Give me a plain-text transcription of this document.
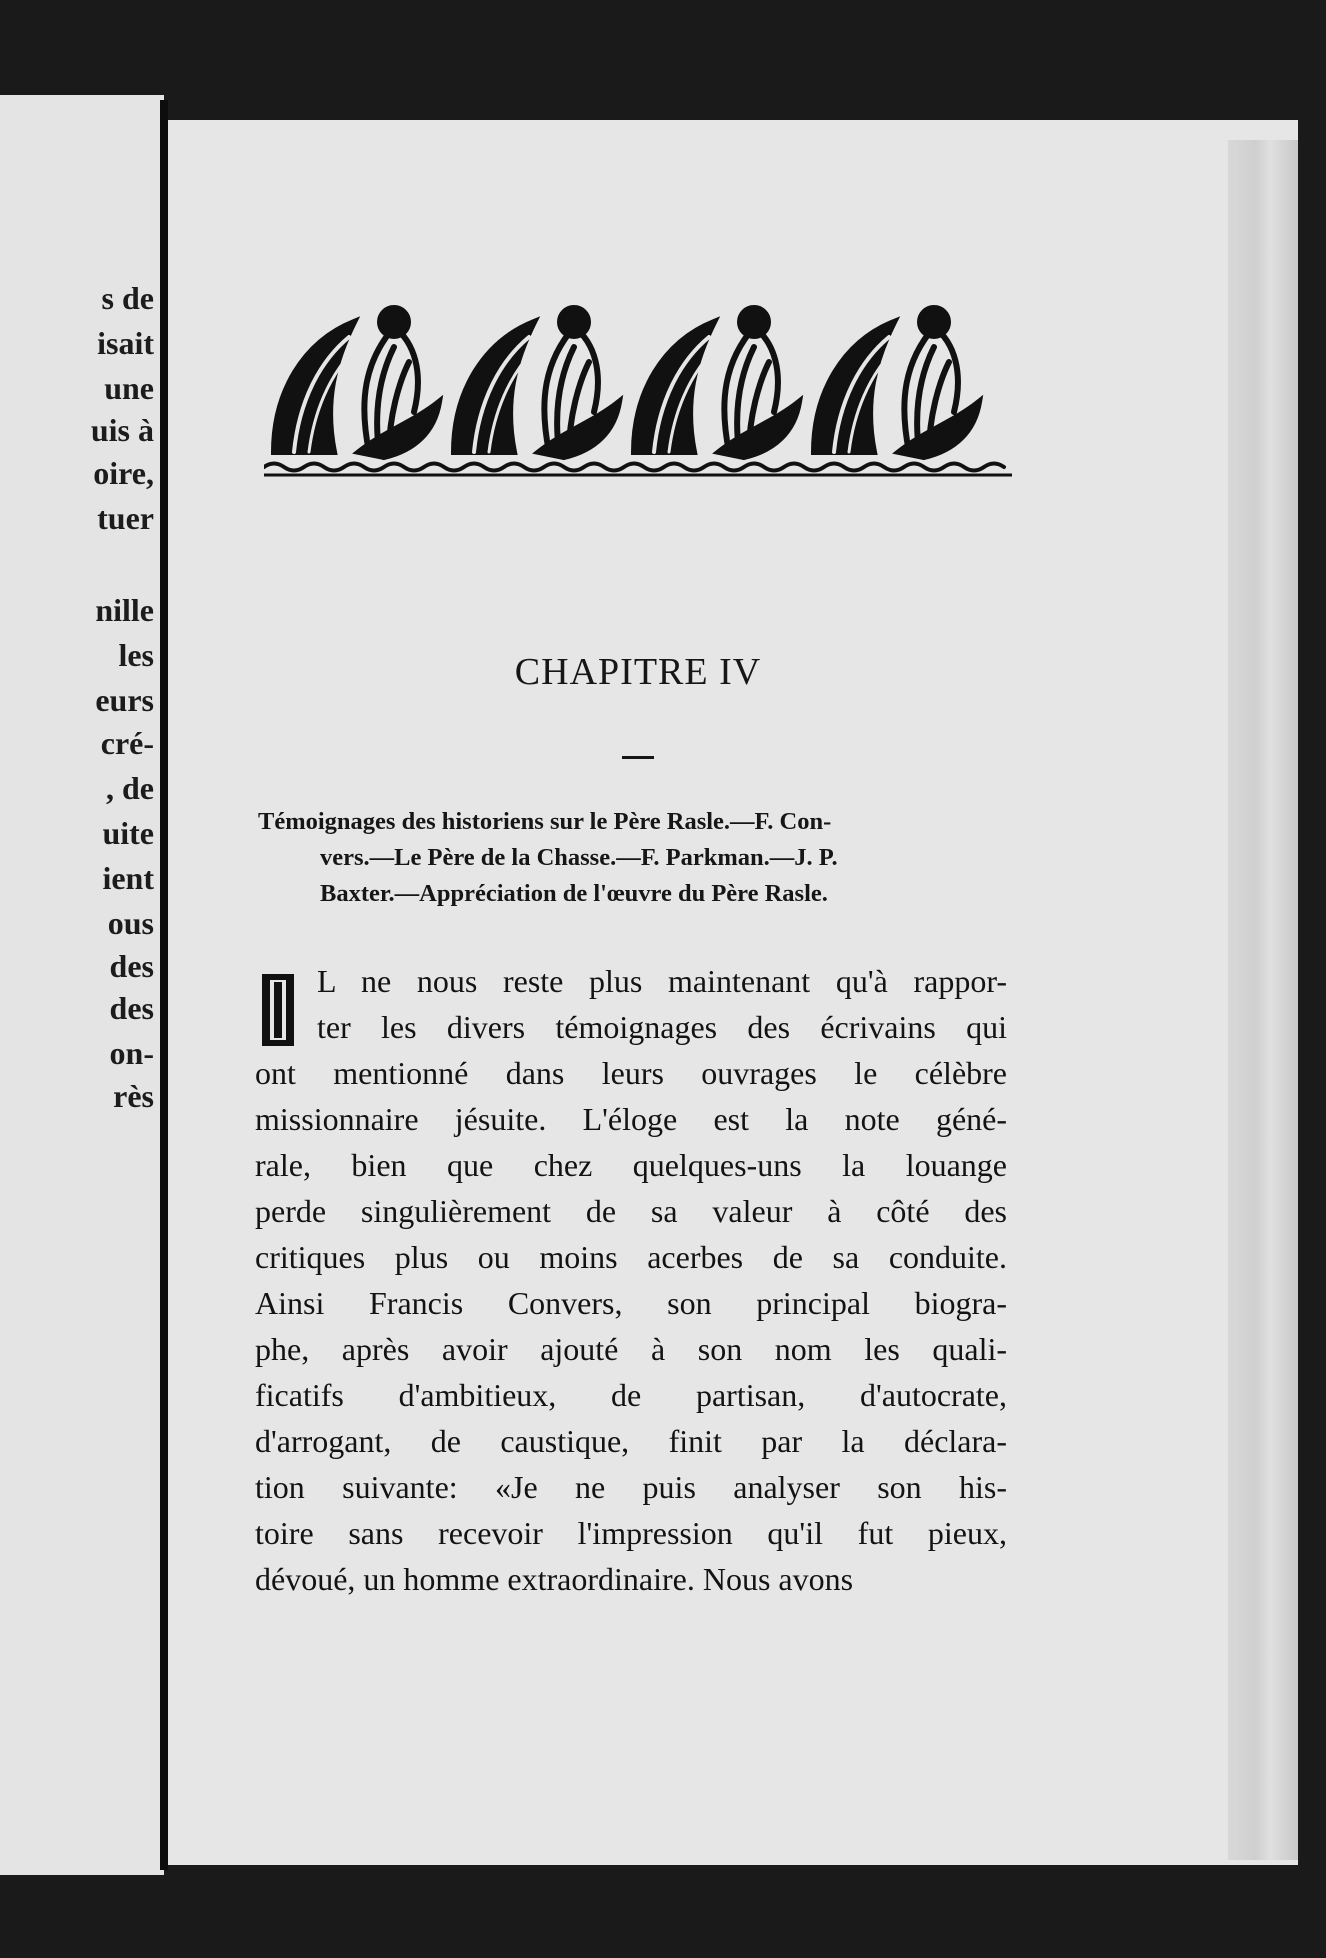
s de
isait
une
uis à
oire,
tuer
nille
les
eurs
cré-
, de
uite
ient
ous
des
des
on-
rès
CHAPITRE IV
Témoignages des historiens sur le Père Rasle.—F. Con-
vers.—Le Père de la Chasse.—F. Parkman.—J. P.
Baxter.—Appréciation de l'œuvre du Père Rasle.
I
L ne nous reste plus maintenant qu'à rappor-
ter les divers témoignages des écrivains qui
ont mentionné dans leurs ouvrages le célèbre
missionnaire jésuite. L'éloge est la note géné-
rale, bien que chez quelques-uns la louange
perde singulièrement de sa valeur à côté des
critiques plus ou moins acerbes de sa conduite.
Ainsi Francis Convers, son principal biogra-
phe, après avoir ajouté à son nom les quali-
ficatifs d'ambitieux, de partisan, d'autocrate,
d'arrogant, de caustique, finit par la déclara-
tion suivante: «Je ne puis analyser son his-
toire sans recevoir l'impression qu'il fut pieux,
dévoué, un homme extraordinaire. Nous avons
